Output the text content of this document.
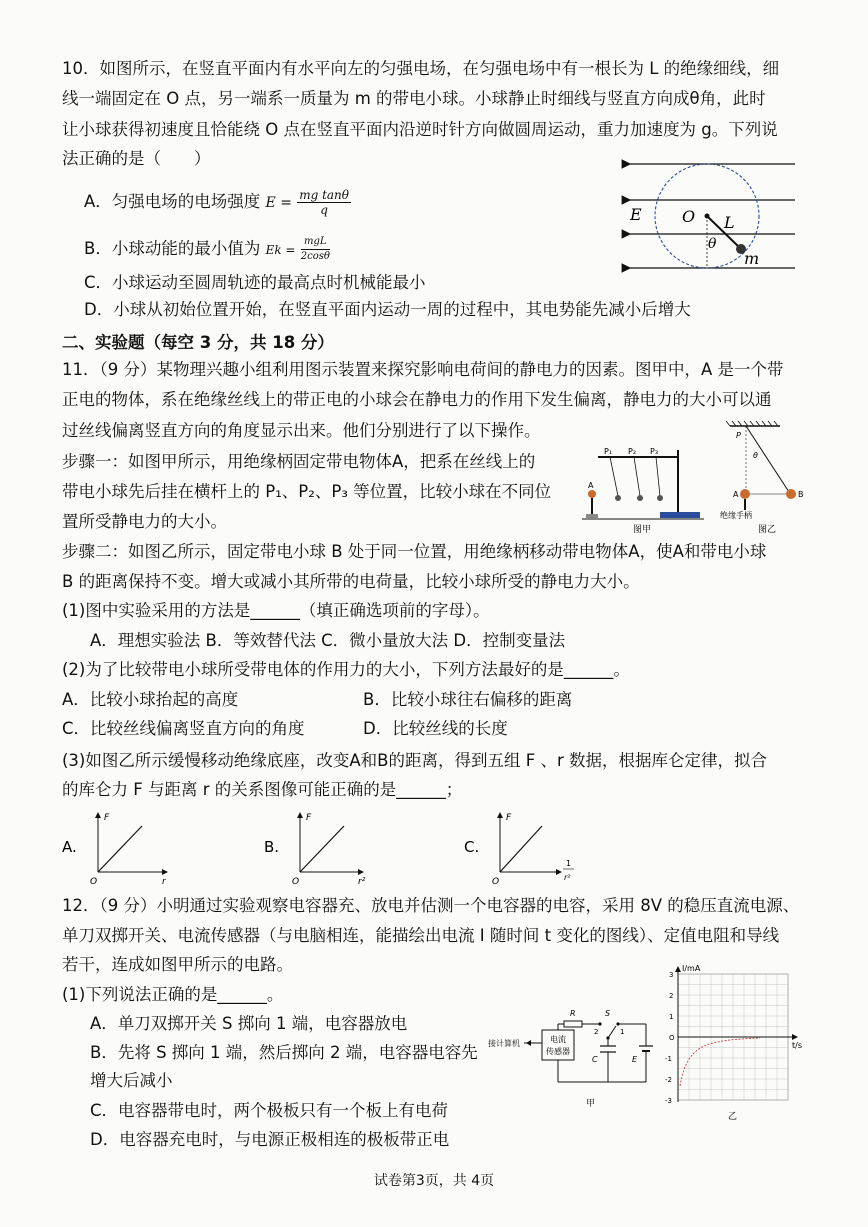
10．如图所示，在竖直平面内有水平向左的匀强电场，在匀强电场中有一根长为 L 的绝缘细线，细
线一端固定在 O 点，另一端系一质量为 m 的带电小球。小球静止时细线与竖直方向成θ角，此时
让小球获得初速度且恰能绕 O 点在竖直平面内沿逆时针方向做圆周运动，重力加速度为 g。下列说
法正确的是（　　）
A．匀强电场的电场强度 $E = \frac{\text{mg tanθ}}{q}$
B．小球动能的最小值为 $Ek = \frac{\text{mgL}}{2\cos\theta}$
C．小球运动至圆周轨迹的最高点时机械能最小
D．小球从初始位置开始，在竖直平面内运动一周的过程中，其电势能先减小后增大
E	O L
θ
m
二、实验题（每空 3 分，共 18 分）
11．（9 分）某物理兴趣小组利用图示装置来探究影响电荷间的静电力的因素。图甲中，A 是一个带
正电的物体，系在绝缘丝线上的带正电的小球会在静电力的作用下发生偏离，静电力的大小可以通
过丝线偏离竖直方向的角度显示出来。他们分别进行了以下操作。
步骤一：如图甲所示，用绝缘柄固定带电物体A，把系在丝线上的
带电小球先后挂在横杆上的 P₁、P₂、P₃ 等位置，比较小球在不同位
置所受静电力的大小。
步骤二：如图乙所示，固定带电小球 B 处于同一位置，用绝缘柄移动带电物体A，使A和带电小球
B 的距离保持不变。增大或减小其所带的电荷量，比较小球所受的静电力大小。
(1)图中实验采用的方法是______（填正确选项前的字母）。
A．理想实验法 B．等效替代法 C．微小量放大法 D．控制变量法
(2)为了比较带电小球所受带电体的作用力的大小，下列方法最好的是______。
A．比较小球抬起的高度	B．比较小球往右偏移的距离
C．比较丝线偏离竖直方向的角度	D．比较丝线的长度
(3)如图乙所示缓慢移动绝缘底座，改变A和B的距离，得到五组 F 、r 数据，根据库仑定律，拟合
的库仑力 F 与距离 r 的关系图像可能正确的是______；
P₁ P₂ P₃
A
图甲
P
θ
A	B
绝缘手柄
图乙
A.
F
O	r
B.
F
O	r²
C.
F
O
1
r²
12．（9 分）小明通过实验观察电容器充、放电并估测一个电容器的电容，采用 8V 的稳压直流电源、
单刀双掷开关、电流传感器（与电脑相连，能描绘出电流 I 随时间 t 变化的图线）、定值电阻和导线
若干，连成如图甲所示的电路。
(1)下列说法正确的是______。
A．单刀双掷开关 S 掷向 1 端，电容器放电
B．先将 S 掷向 1 端，然后掷向 2 端，电容器电容先
增大后减小
C．电容器带电时，两个极板只有一个板上有电荷
D．电容器充电时，与电源正极相连的极板带正电
接计算机	电流
传感器
R	S
2	1
C	E
甲
I/mA
t/s
3
2
1
O
-1
-2
-3
乙
试卷第3页，共 4页
